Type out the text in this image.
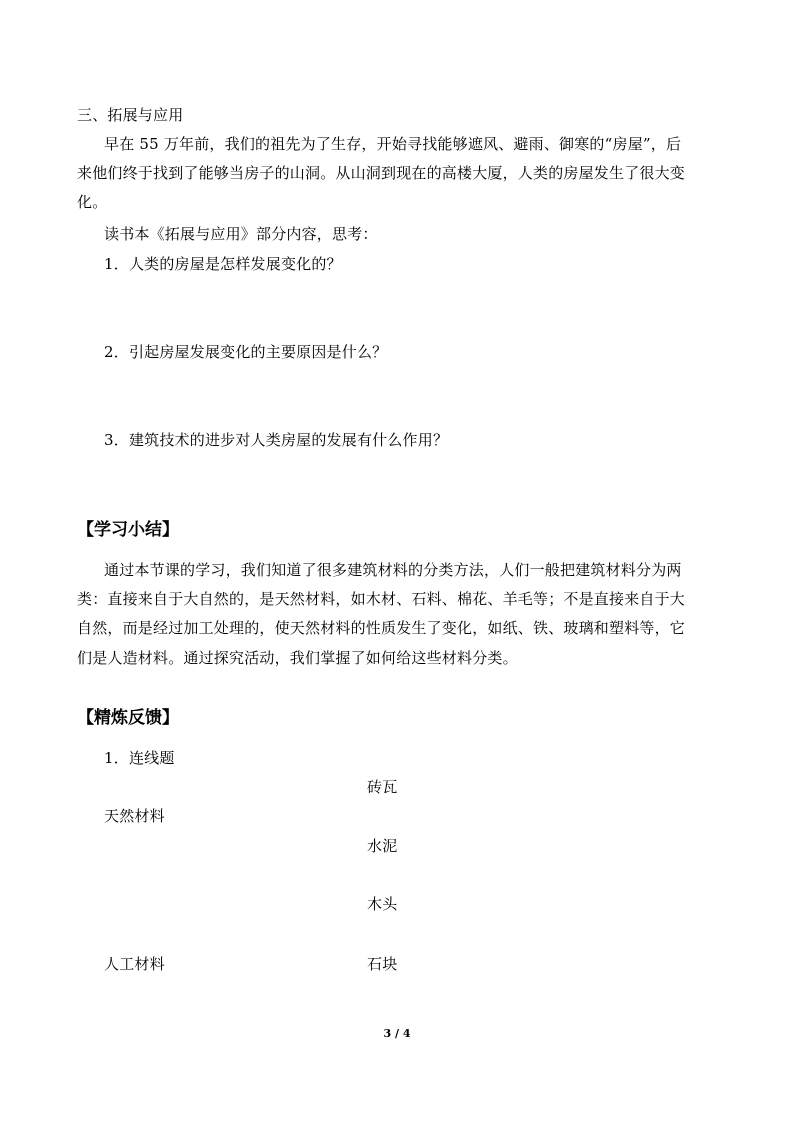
三、拓展与应用
早在 55 万年前，我们的祖先为了生存，开始寻找能够遮风、避雨、御寒的“房屋”，后
来他们终于找到了能够当房子的山洞。从山洞到现在的高楼大厦，人类的房屋发生了很大变
化。
读书本《拓展与应用》部分内容，思考：
1．人类的房屋是怎样发展变化的？
2．引起房屋发展变化的主要原因是什么？
3．建筑技术的进步对人类房屋的发展有什么作用？
【学习小结】
通过本节课的学习，我们知道了很多建筑材料的分类方法，人们一般把建筑材料分为两
类：直接来自于大自然的，是天然材料，如木材、石料、棉花、羊毛等；不是直接来自于大
自然，而是经过加工处理的，使天然材料的性质发生了变化，如纸、铁、玻璃和塑料等，它
们是人造材料。通过探究活动，我们掌握了如何给这些材料分类。
【精炼反馈】
1．连线题
砖瓦
天然材料
水泥
木头
人工材料	石块
3 / 4
